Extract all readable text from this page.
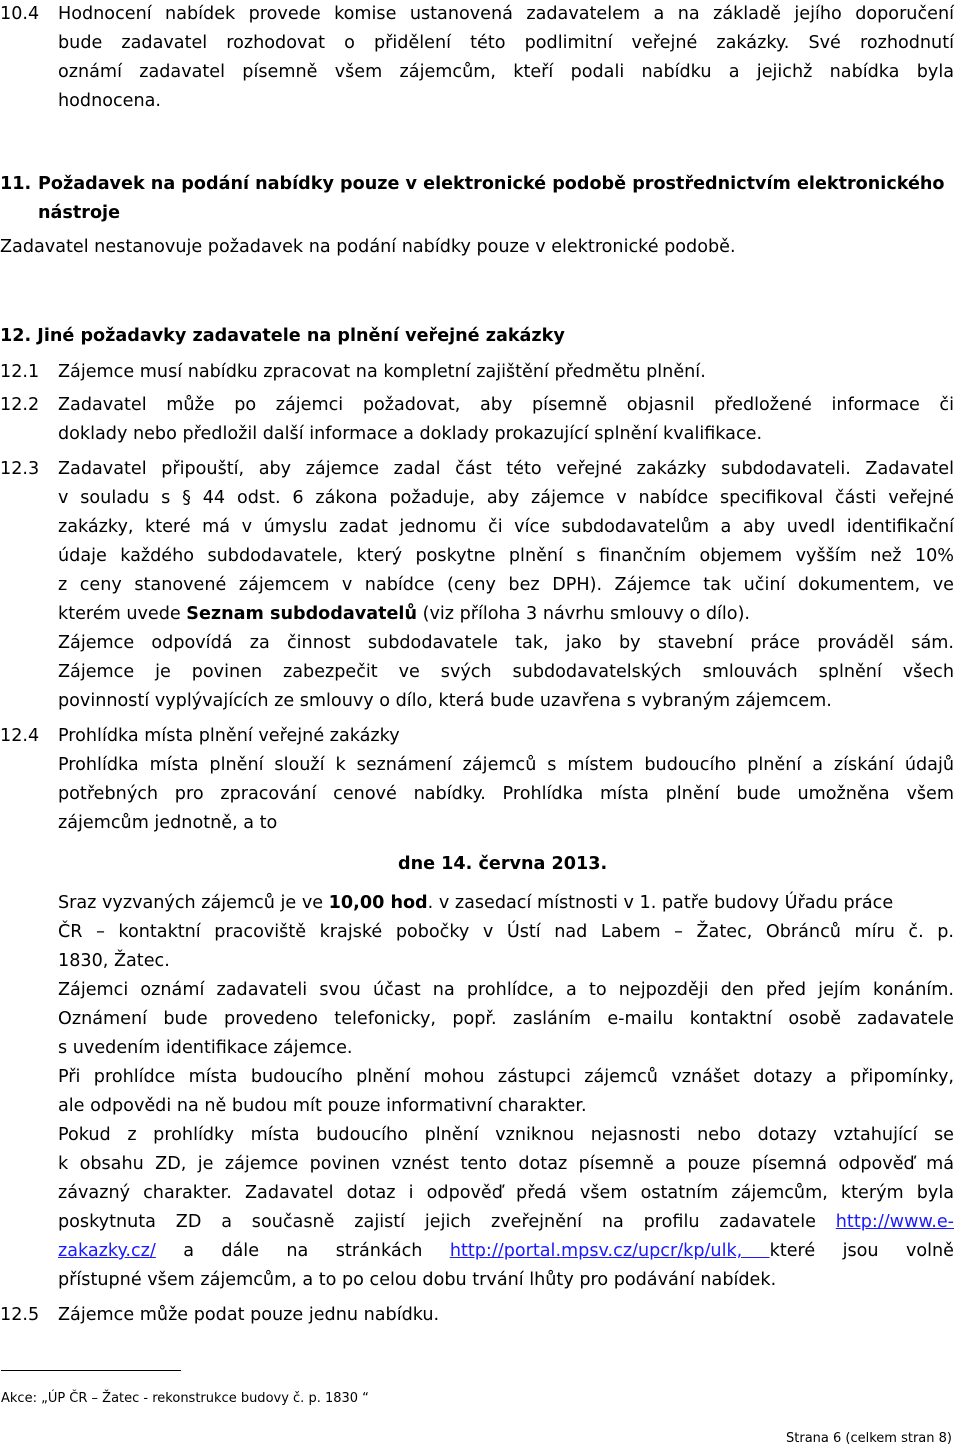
10.4 Hodnocení nabídek provede komise ustanovená zadavatelem a na základě jejího doporučení
bude zadavatel rozhodovat o přidělení této podlimitní veřejné zakázky. Své rozhodnutí
oznámí zadavatel písemně všem zájemcům, kteří podali nabídku a jejichž nabídka byla
hodnocena.
11. Požadavek na podání nabídky pouze v elektronické podobě prostřednictvím elektronického
nástroje
Zadavatel nestanovuje požadavek na podání nabídky pouze v elektronické podobě.
12. Jiné požadavky zadavatele na plnění veřejné zakázky
12.1 Zájemce musí nabídku zpracovat na kompletní zajištění předmětu plnění.
12.2 Zadavatel může po zájemci požadovat, aby písemně objasnil předložené informace či
doklady nebo předložil další informace a doklady prokazující splnění kvalifikace.
12.3 Zadavatel připouští, aby zájemce zadal část této veřejné zakázky subdodavateli. Zadavatel
v souladu s § 44 odst. 6 zákona požaduje, aby zájemce v nabídce specifikoval části veřejné
zakázky, které má v úmyslu zadat jednomu či více subdodavatelům a aby uvedl identifikační
údaje každého subdodavatele, který poskytne plnění s finančním objemem vyšším než 10%
z ceny stanovené zájemcem v nabídce (ceny bez DPH). Zájemce tak učiní dokumentem, ve
kterém uvede Seznam subdodavatelů (viz příloha 3 návrhu smlouvy o dílo).
Zájemce odpovídá za činnost subdodavatele tak, jako by stavební práce prováděl sám.
Zájemce je povinen zabezpečit ve svých subdodavatelských smlouvách splnění všech
povinností vyplývajících ze smlouvy o dílo, která bude uzavřena s vybraným zájemcem.
12.4 Prohlídka místa plnění veřejné zakázky
Prohlídka místa plnění slouží k seznámení zájemců s místem budoucího plnění a získání údajů
potřebných pro zpracování cenové nabídky. Prohlídka místa plnění bude umožněna všem
zájemcům jednotně, a to
dne 14. června 2013.
Sraz vyzvaných zájemců je ve 10,00 hod. v zasedací místnosti v 1. patře budovy Úřadu práce
ČR – kontaktní pracoviště krajské pobočky v Ústí nad Labem – Žatec, Obránců míru č. p.
1830, Žatec.
Zájemci oznámí zadavateli svou účast na prohlídce, a to nejpozději den před jejím konáním.
Oznámení bude provedeno telefonicky, popř. zasláním e-mailu kontaktní osobě zadavatele
s uvedením identifikace zájemce.
Při prohlídce místa budoucího plnění mohou zástupci zájemců vznášet dotazy a připomínky,
ale odpovědi na ně budou mít pouze informativní charakter.
Pokud z prohlídky místa budoucího plnění vzniknou nejasnosti nebo dotazy vztahující se
k obsahu ZD, je zájemce povinen vznést tento dotaz písemně a pouze písemná odpověď má
závazný charakter. Zadavatel dotaz i odpověď předá všem ostatním zájemcům, kterým byla
poskytnuta ZD a současně zajistí jejich zveřejnění na profilu zadavatele http://www.e-
zakazky.cz/ a dále na stránkách http://portal.mpsv.cz/upcr/kp/ulk, které jsou volně
přístupné všem zájemcům, a to po celou dobu trvání lhůty pro podávání nabídek.
12.5 Zájemce může podat pouze jednu nabídku.
Akce: „ÚP ČR – Žatec - rekonstrukce budovy č. p. 1830 “
Strana 6 (celkem stran 8)
